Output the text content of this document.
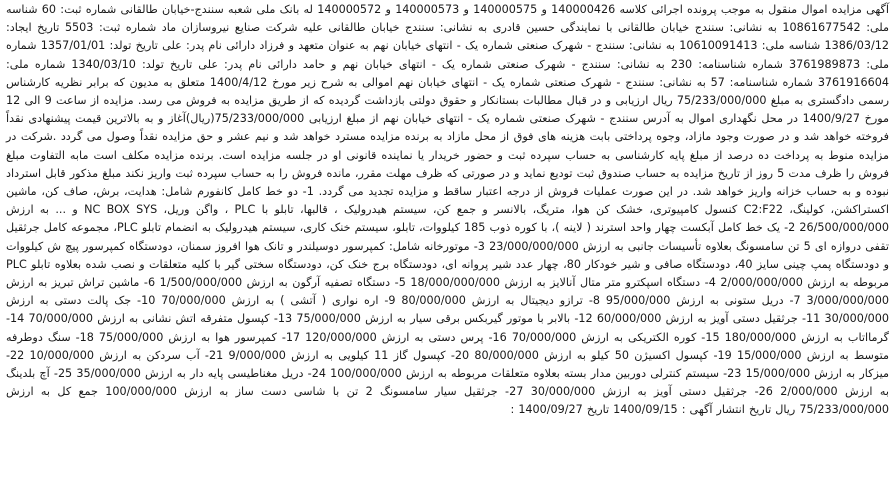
آگهی مزایده اموال منقول به موجب پرونده اجرائی کلاسه 140000426 و 140000575 و 140000573 و 140000572 له بانک ملی شعبه سنندج-خیابان طالقانی شماره ثبت: 60 شناسه ملی: 10861677542 به نشانی: سنندج خیابان طالقانی با نمایندگی حسین قادری به نشانی: سنندج خیابان طالقانی علیه شرکت صنایع نیروسازان ماد شماره ثبت: 5503 تاریخ ایجاد: 1386/03/12 شناسه ملی: 10610091413 به نشانی: سنندج - شهرک صنعتی شماره یک - انتهای خیابان نهم به عنوان متعهد و فرزاد دارائی نام پدر: علی تاریخ تولد: 1357/01/01 شماره ملی: 3761989873 شماره شناسنامه: 230 به نشانی: سنندج - شهرک صنعتی شماره یک - انتهای خیابان نهم و حامد دارائی نام پدر: علی تاریخ تولد: 1340/03/10 شماره ملی: 3761916604 شماره شناسنامه: 57 به نشانی: سنندج - شهرک صنعتی شماره یک - انتهای خیابان نهم اموالی به شرح زیر مورخ 1400/4/12 متعلق به مدیون که برابر نظریه کارشناس رسمی دادگستری به مبلغ 75/233/000/000 ریال ارزیابی و در قبال مطالبات بستانکار و حقوق دولتی بازداشت گردیده که از طریق مزایده به فروش می رسد. مزایده از ساعت 9 الی 12 مورخ 1400/9/27 در محل نگهداری اموال به آدرس سنندج - شهرک صنعتی شماره یک - انتهای خیابان نهم از مبلغ ارزیابی 75/233/000/000(ریال)آغاز و به بالاترین قیمت پیشنهادی نقداً فروخته خواهد شد و در صورت وجود مازاد، وجوه پرداختی بابت هزینه های فوق از محل مازاد به برنده مزایده مسترد خواهد شد و نیم عشر و حق مزایده نقداً وصول می گردد .شرکت در مزایده منوط به پرداخت ده درصد از مبلغ پایه کارشناسی به حساب سپرده ثبت و حضور خریدار یا نماینده قانونی او در جلسه مزایده است. برنده مزایده مکلف است مابه التفاوت مبلغ فروش را ظرف مدت 5 روز از تاریخ مزایده به حساب صندوق ثبت تودیع نماید و در صورتی که ظرف مهلت مقرر، مانده فروش را به حساب سپرده ثبت واریز نکند مبلغ مذکور قابل استرداد نبوده و به حساب خزانه واریز خواهد شد. در این صورت عملیات فروش از درجه اعتبار ساقط و مزایده تجدید می گردد. 1- دو خط کامل کانفورم شامل: هدایت، برش، صاف کن، ماشین اکستراکشن، کولینگ، C2:F22 کنسول کامپیوتری، خشک کن هوا، متریگ، بالانسر و جمع کن، سیستم هیدرولیک ، قالبها، تابلو با PLC ، واگن وریل، NC BOX SYS و ... به ارزش 26/500/000/000 2- یک خط کامل آبکست چهار واحد استرند ( لاینه )، با کوره ذوب 185 کیلووات، تابلو، سیستم خنک کاری، سیستم هیدرولیک به انضمام تابلو PLC، مجموعه کامل جرثقیل تقفی دروازه ای 5 تن سامسونگ بعلاوه تأسیسات جانبی به ارزش 23/000/000/000 3- موتورخانه شامل: کمپرسور دوسیلندر و تانک هوا افروز سمنان، دودستگاه کمپرسور پیچ ش کیلووات و دودستگاه پمپ چینی سایز 40، دودستگاه صافی و شیر خودکار 80، چهار عدد شیر پروانه ای، دودستگاه برج خنک کن، دودستگاه سختی گیر با کلیه متعلقات و نصب شده بعلاوه تابلو PLC مربوطه به ارزش 2/000/000/000 4- دستگاه اسپکترو متر متال آنالایز به ارزش 18/000/000/000 5- دستگاه تصفیه آرگون به ارزش 1/500/000/000 6- ماشین تراش تبریز به ارزش 3/000/000/000 7- دریل ستونی به ارزش 95/000/000 8- ترازو دیجیتال به ارزش 80/000/000 9- اره نواری ( آتشی ) به ارزش 70/000/000 10- جک پالت دستی به ارزش 30/000/000 11- جرثقیل دستی آویز به ارزش 60/000/000 12- بالابر با موتور گیربکس برقی سیار به ارزش 75/000/000 13- کپسول متفرقه اتش نشانی به ارزش 70/000/000 14- گرمااتاب به ارزش 180/000/000 15- کوره الکتریکی به ارزش 70/000/000 16- پرس دستی به ارزش 120/000/000 17- کمپرسور هوا به ارزش 75/000/000 18- سنگ دوطرفه متوسط به ارزش 15/000/000 19- کپسول اکسیژن 50 کیلو به ارزش 80/000/000 20- کپسول گاز 11 کیلویی به ارزش 9/000/000 21- آب سردکن به ارزش 10/000/000 22- میزکار به ارزش 15/000/000 23- سیستم کنترلی دوربین مدار بسته بعلاوه متعلقات مربوطه به ارزش 100/000/000 24- دریل مغناطیسی پایه دار به ارزش 35/000/000 25- آچ بلدینگ به ارزش 2/000/000 26- جرثقیل دستی آویز به ارزش 30/000/000 27- جرثقیل سیار سامسونگ 2 تن با شاسی دست ساز به ارزش 100/000/000 جمع کل به ارزش 75/233/000/000 ریال تاریخ انتشار آگهی : 1400/09/15 تاریخ 1400/09/27 :
